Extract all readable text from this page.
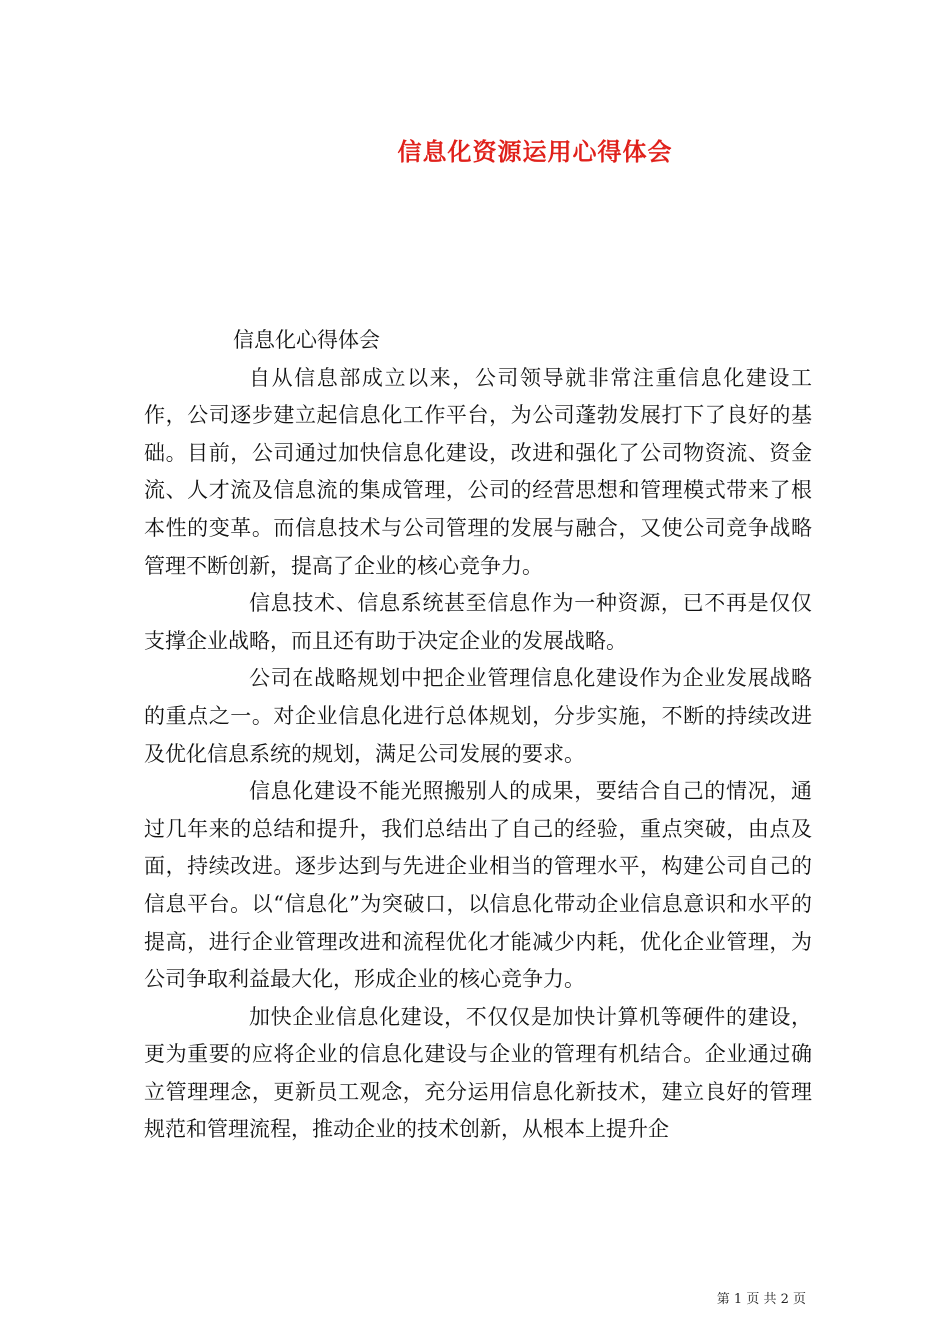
信息化资源运用心得体会

信息化心得体会

自从信息部成立以来，公司领导就非常注重信息化建设工作，公司逐步建立起信息化工作平台，为公司蓬勃发展打下了良好的基础。目前，公司通过加快信息化建设，改进和强化了公司物资流、资金流、人才流及信息流的集成管理，公司的经营思想和管理模式带来了根本性的变革。而信息技术与公司管理的发展与融合，又使公司竞争战略管理不断创新，提高了企业的核心竞争力。

信息技术、信息系统甚至信息作为一种资源，已不再是仅仅支撑企业战略，而且还有助于决定企业的发展战略。

公司在战略规划中把企业管理信息化建设作为企业发展战略的重点之一。对企业信息化进行总体规划，分步实施，不断的持续改进及优化信息系统的规划，满足公司发展的要求。

信息化建设不能光照搬别人的成果，要结合自己的情况，通过几年来的总结和提升，我们总结出了自己的经验，重点突破，由点及面，持续改进。逐步达到与先进企业相当的管理水平，构建公司自己的信息平台。以“信息化”为突破口，以信息化带动企业信息意识和水平的提高，进行企业管理改进和流程优化才能减少内耗，优化企业管理，为公司争取利益最大化，形成企业的核心竞争力。

加快企业信息化建设，不仅仅是加快计算机等硬件的建设，更为重要的应将企业的信息化建设与企业的管理有机结合。企业通过确立管理理念，更新员工观念，充分运用信息化新技术，建立良好的管理规范和管理流程，推动企业的技术创新，从根本上提升企

第 1 页 共 2 页
